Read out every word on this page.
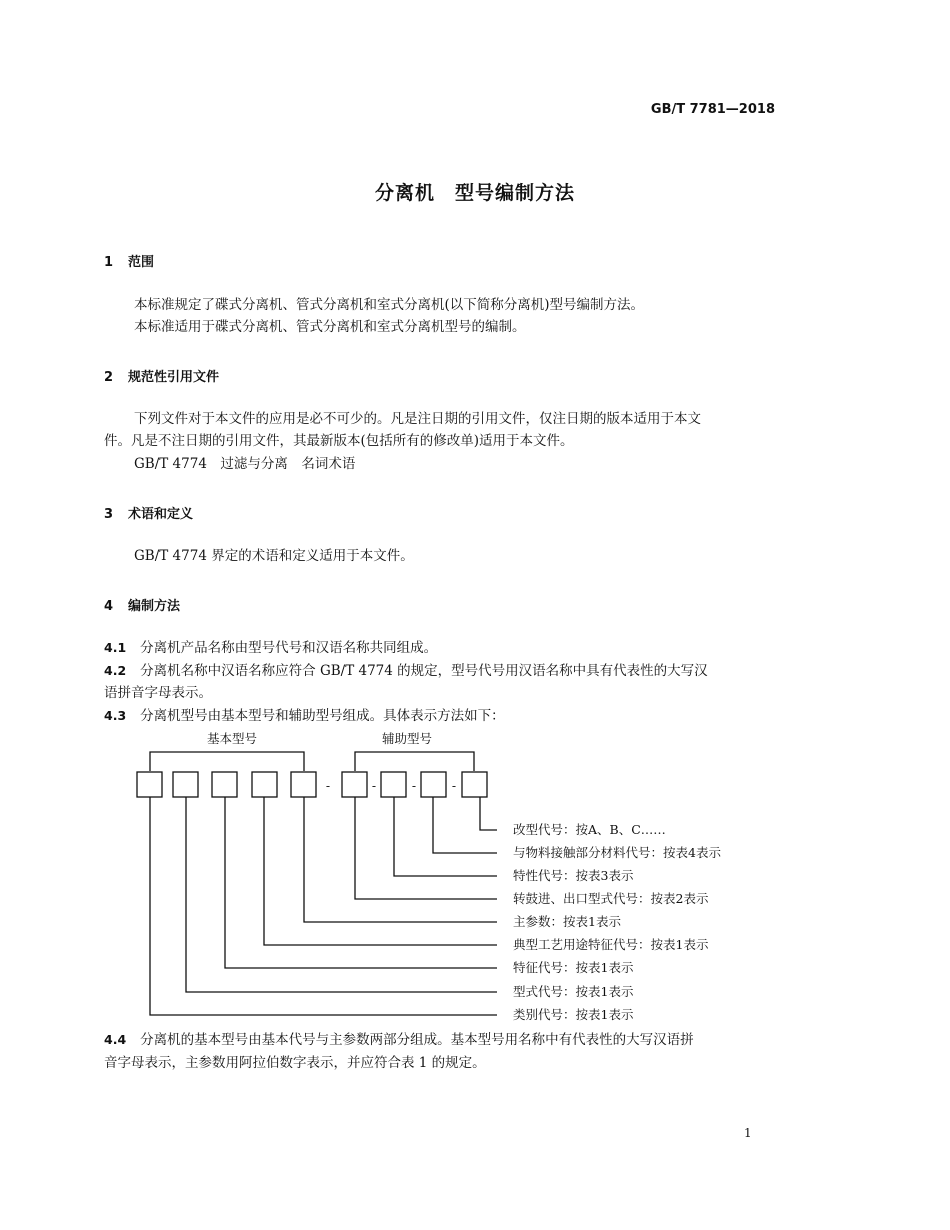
GB/T 7781—2018
分离机　型号编制方法
1 范围
本标准规定了碟式分离机、管式分离机和室式分离机(以下简称分离机)型号编制方法。
本标准适用于碟式分离机、管式分离机和室式分离机型号的编制。
2 规范性引用文件
下列文件对于本文件的应用是必不可少的。凡是注日期的引用文件，仅注日期的版本适用于本文
件。凡是不注日期的引用文件，其最新版本(包括所有的修改单)适用于本文件。
GB/T 4774　过滤与分离　名词术语
3 术语和定义
GB/T 4774 界定的术语和定义适用于本文件。
4 编制方法
4.1 分离机产品名称由型号代号和汉语名称共同组成。
4.2 分离机名称中汉语名称应符合 GB/T 4774 的规定，型号代号用汉语名称中具有代表性的大写汉
语拼音字母表示。
4.3 分离机型号由基本型号和辅助型号组成。具体表示方法如下：
基本型号	辅助型号
-	-	-	-
改型代号：按A、B、C……
与物料接触部分材料代号：按表4表示
特性代号：按表3表示
转鼓进、出口型式代号：按表2表示
主参数：按表1表示
典型工艺用途特征代号：按表1表示
特征代号：按表1表示
型式代号：按表1表示
类别代号：按表1表示
4.4 分离机的基本型号由基本代号与主参数两部分组成。基本型号用名称中有代表性的大写汉语拼
音字母表示，主参数用阿拉伯数字表示，并应符合表 1 的规定。
1
